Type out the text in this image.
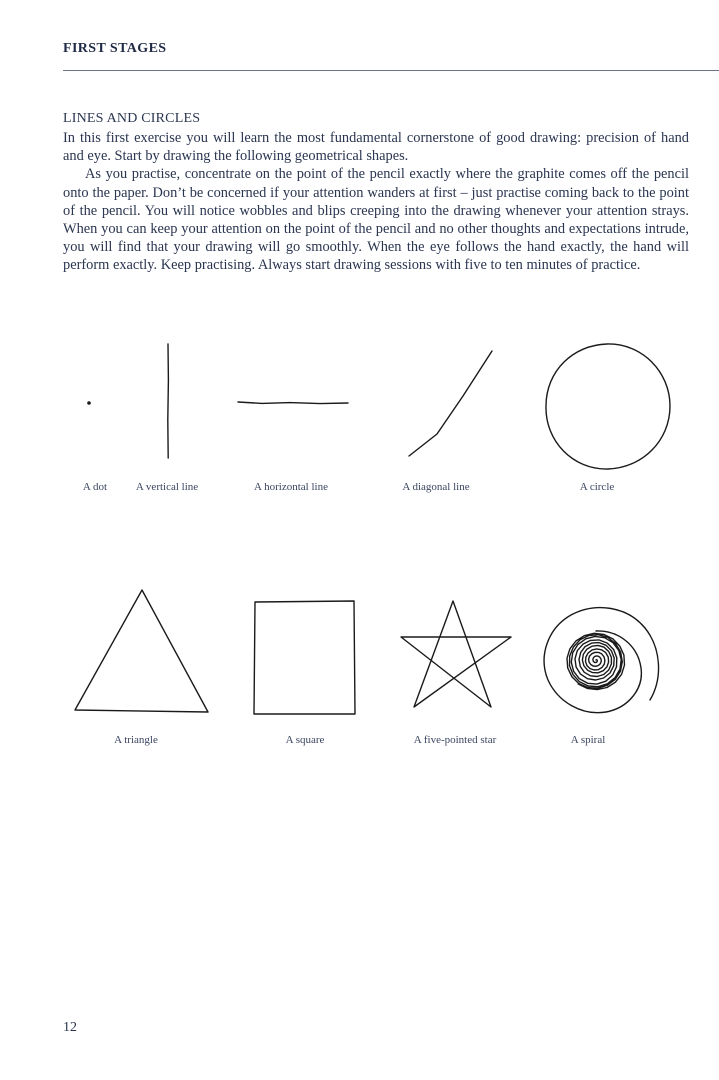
FIRST STAGES
LINES AND CIRCLES

In this first exercise you will learn the most fundamental cornerstone of good drawing: precision of hand and eye. Start by drawing the following geometrical shapes.

As you practise, concentrate on the point of the pencil exactly where the graphite comes off the pencil onto the paper. Don’t be concerned if your attention wanders at first – just practise coming back to the point of the pencil. You will notice wobbles and blips creeping into the drawing whenever your attention strays. When you can keep your attention on the point of the pencil and no other thoughts and expectations intrude, you will find that your drawing will go smoothly. When the eye follows the hand exactly, the hand will perform exactly. Keep practising. Always start drawing sessions with five to ten minutes of practice.

A dot	A vertical line	A horizontal line	A diagonal line	A circle
A triangle	A square	A five-pointed star	A spiral
12
